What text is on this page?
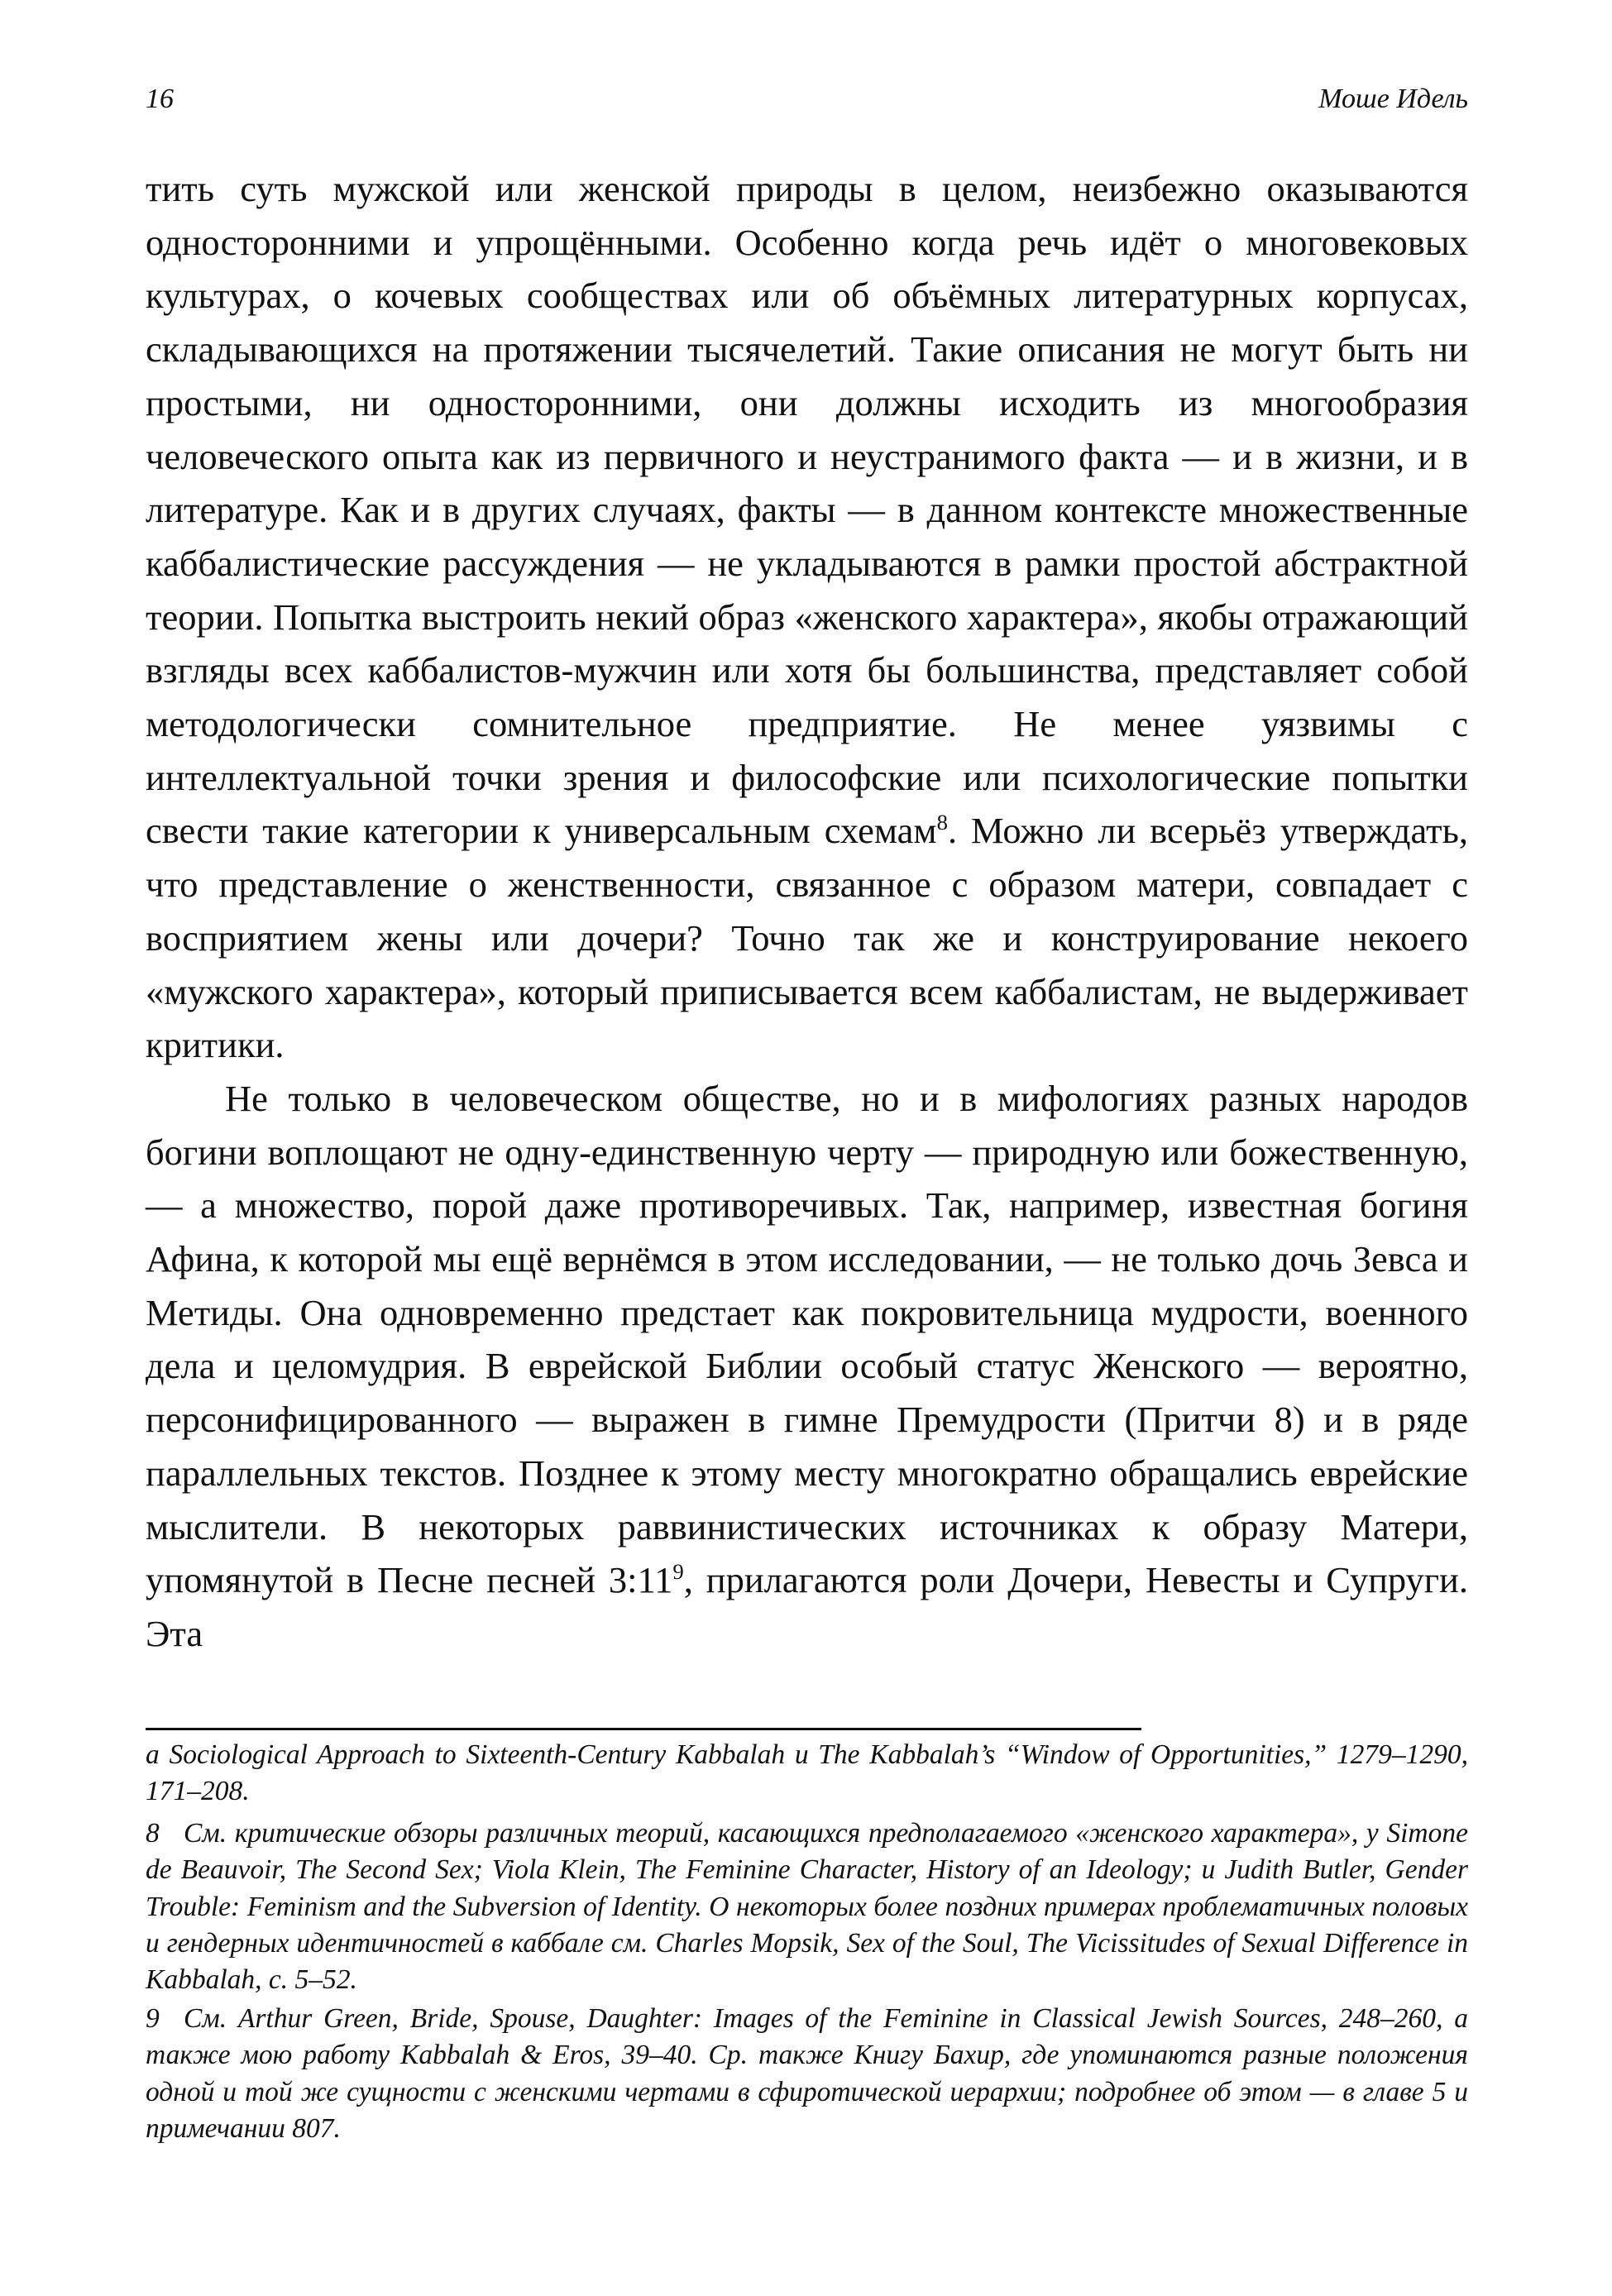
16	Моше Идель

тить суть мужской или женской природы в целом, неизбежно оказываются односторонними и упрощёнными. Особенно когда речь идёт о многовековых культурах, о кочевых сообществах или об объёмных литературных корпусах, складывающихся на протяжении тысячелетий. Такие описания не могут быть ни простыми, ни односторонними, они должны исходить из многообразия человеческого опыта как из первичного и неустранимого факта — и в жизни, и в литературе. Как и в других случаях, факты — в данном контексте множественные каббалистические рассуждения — не укладываются в рамки простой абстрактной теории. Попытка выстроить некий образ «женского характера», якобы отражающий взгляды всех каббалистов-мужчин или хотя бы большинства, представляет собой методологически сомнительное предприятие. Не менее уязвимы с интеллектуальной точки зрения и философские или психологические попытки свести такие категории к универсальным схемам$^8$. Можно ли всерьёз утверждать, что представление о женственности, связанное с образом матери, совпадает с восприятием жены или дочери? Точно так же и конструирование некоего «мужского характера», который приписывается всем каббалистам, не выдерживает критики.

Не только в человеческом обществе, но и в мифологиях разных народов богини воплощают не одну-единственную черту — природную или божественную, — а множество, порой даже противоречивых. Так, например, известная богиня Афина, к которой мы ещё вернёмся в этом исследовании, — не только дочь Зевса и Метиды. Она одновременно предстает как покровительница мудрости, военного дела и целомудрия. В еврейской Библии особый статус Женского — вероятно, персонифицированного — выражен в гимне Премудрости (Притчи 8) и в ряде параллельных текстов. Позднее к этому месту многократно обращались еврейские мыслители. В некоторых раввинистических источниках к образу Матери, упомянутой в Песне песней $3:11^9$, прилагаются роли Дочери, Невесты и Супруги. Эта

a Sociological Approach to Sixteenth-Century Kabbalah и The Kabbalah’s “Window of Opportunities,” 1279–1290, 171–208.

8 См. критические обзоры различных теорий, касающихся предполагаемого «женского характера», у Simone de Beauvoir, The Second Sex; Viola Klein, The Feminine Character, History of an Ideology; и Judith Butler, Gender Trouble: Feminism and the Subversion of Identity. О некоторых более поздних примерах проблематичных половых и гендерных идентичностей в каббале см. Charles Mopsik, Sex of the Soul, The Vicissitudes of Sexual Difference in Kabbalah, с. 5–52.

9 См. Arthur Green, Bride, Spouse, Daughter: Images of the Feminine in Classical Jewish Sources, 248–260, а также мою работу Kabbalah & Eros, 39–40. Ср. также Книгу Бахир, где упоминаются разные положения одной и той же сущности с женскими чертами в сфиротической иерархии; подробнее об этом — в главе 5 и примечании 807.
